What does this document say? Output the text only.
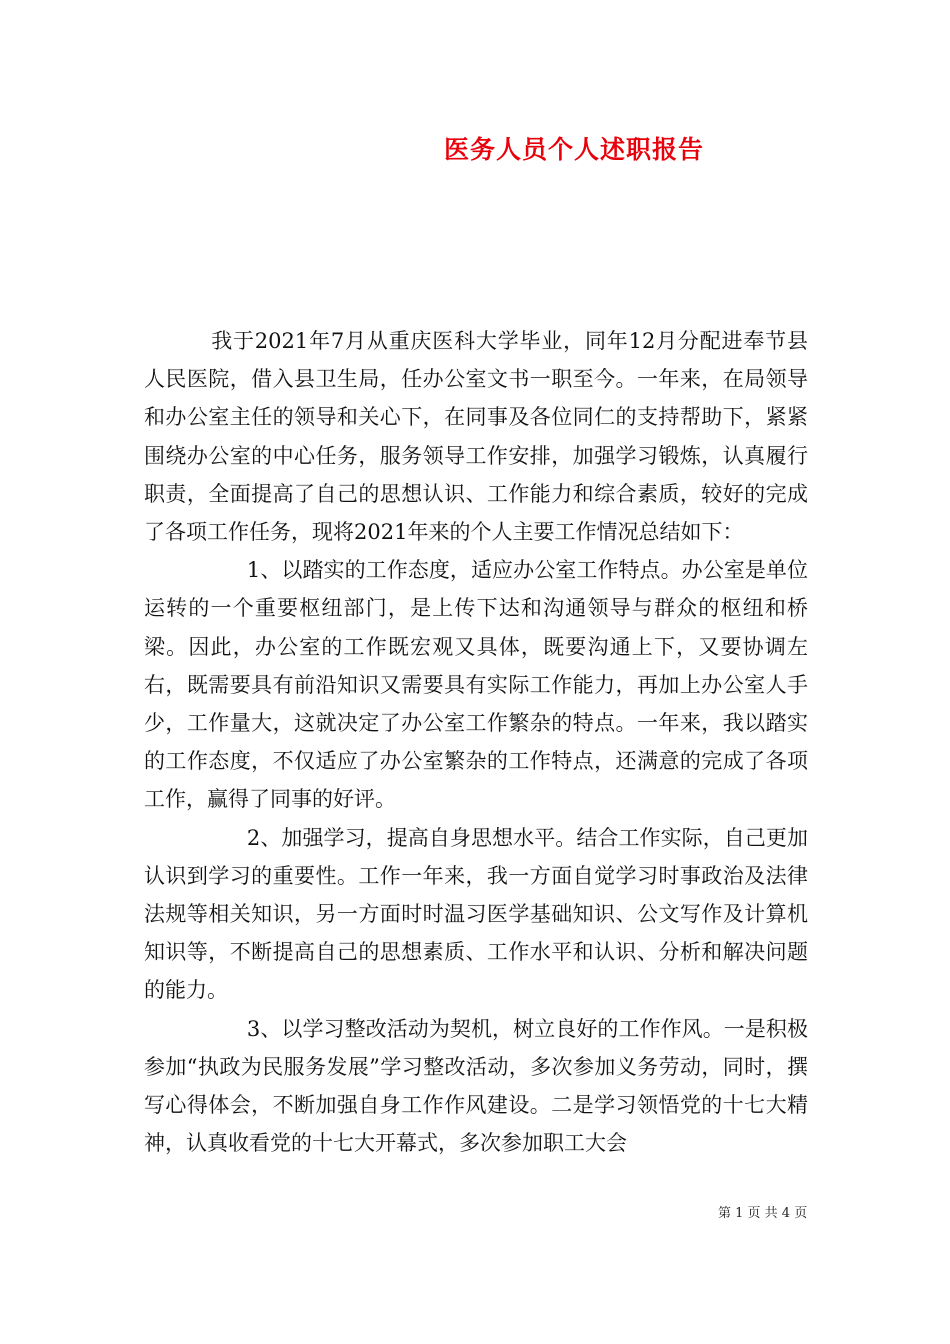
医务人员个人述职报告

我于2021年7月从重庆医科大学毕业，同年12月分配进奉节县人民医院，借入县卫生局，任办公室文书一职至今。一年来，在局领导和办公室主任的领导和关心下，在同事及各位同仁的支持帮助下，紧紧围绕办公室的中心任务，服务领导工作安排，加强学习锻炼，认真履行职责，全面提高了自己的思想认识、工作能力和综合素质，较好的完成了各项工作任务，现将2021年来的个人主要工作情况总结如下：

1、以踏实的工作态度，适应办公室工作特点。办公室是单位运转的一个重要枢纽部门，是上传下达和沟通领导与群众的枢纽和桥梁。因此，办公室的工作既宏观又具体，既要沟通上下，又要协调左右，既需要具有前沿知识又需要具有实际工作能力，再加上办公室人手少，工作量大，这就决定了办公室工作繁杂的特点。一年来，我以踏实的工作态度，不仅适应了办公室繁杂的工作特点，还满意的完成了各项工作，赢得了同事的好评。

2、加强学习，提高自身思想水平。结合工作实际，自己更加认识到学习的重要性。工作一年来，我一方面自觉学习时事政治及法律法规等相关知识，另一方面时时温习医学基础知识、公文写作及计算机知识等，不断提高自己的思想素质、工作水平和认识、分析和解决问题的能力。

3、以学习整改活动为契机，树立良好的工作作风。一是积极参加“执政为民服务发展”学习整改活动，多次参加义务劳动，同时，撰写心得体会，不断加强自身工作作风建设。二是学习领悟党的十七大精神，认真收看党的十七大开幕式，多次参加职工大会

第 1 页 共 4 页
